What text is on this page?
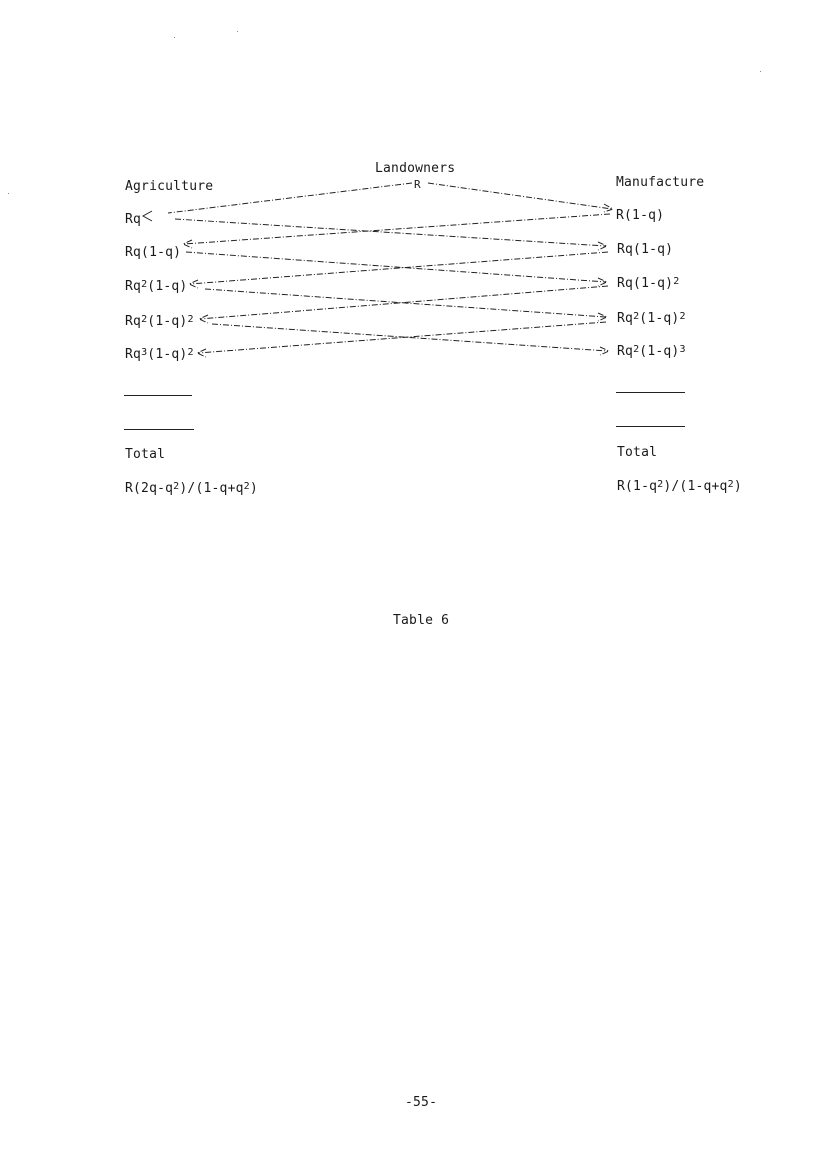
Landowners
R
Agriculture
Rq
Rq(1-q)
Rq$^2$(1-q)
$Rq^2(1-q)^2$
$Rq^3(1-q)^2$
Total
$R(2q-q^2)/(1-q+q^2)$
Manufacture
R(1-q)
Rq(1-q)
$Rq(1-q)^2$
$Rq^2(1-q)^2$
$Rq^2(1-q)^3$
Total
$R(1-q^2)/(1-q+q^2)$
Table 6
-55-
